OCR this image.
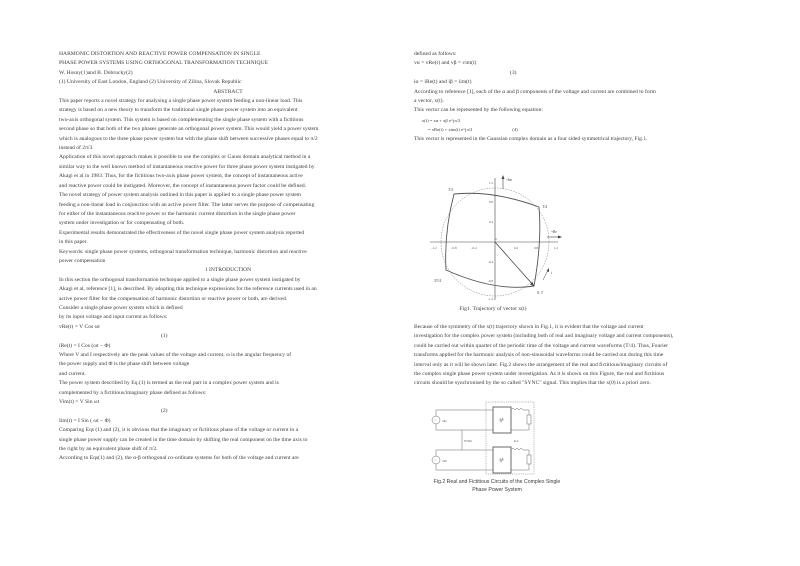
HARMONIC DISTORTION AND REACTIVE POWER COMPENSATION IN SINGLE
PHASE POWER SYSTEMS USING ORTHOGONAL TRANSFORMATION TECHNIQUE
W. Hosny(1)and B. Dobrucky(2)
(1) University of East London, England (2) University of Zilina, Slovak Republic
ABSTRACT
This paper reports a novel strategy for analysing a single phase power system feeding a non-linear load. This
strategy is based on a new theory to transform the traditional single phase power system into an equivalent
two-axis orthogonal system. This system is based on complementing the single phase system with a fictitious
second phase so that both of the two phases generate an orthogonal power system. This would yield a power system
which is analogous to the three phase power system but with the phase shift between successive phases equal to π/2
instead of 2π/3.
Application of this novel approach makes it possible to use the complex or Gauss domain analytical method in a
similar way to the well known method of instantaneous reactive power for three phase power system instigated by
Akagi et al in 1983. Thus, for the fictitious two-axis phase power system, the concept of instantaneous active
and reactive power could be instigated. Moreover, the concept of instantaneous power factor could be defined.
The novel strategy of power system analysis outlined in this paper is applied to a single phase power system
feeding a non-linear load in conjunction with an active power filter. The latter serves the purpose of compensating
for either of the instantaneous reactive power or the harmonic current distortion in the single phase power
system under investigation or for compensating of both.
Experimental results demonstrated the effectiveness of the novel single phase power system analysis reported
in this paper.
Keywords: single phase power systems, orthogonal transformation technique, harmonic distortion and reactive
power compensation
1 INTRODUCTION
In this section the orthogonal transformation technique applied to a single phase power system instigated by
Akagi et al, reference [1], is described. By adopting this technique expressions for the reference currents used in an
active power filter for the compensation of harmonic distortion or reactive power or both, are derived.
Consider a single phase power system which is defined
by its input voltage and input current as follows:
vRe(t) = V Cos ωt
(1)
iRe(t) = I Cos (ωt − Φ)
Where V and I respectively are the peak values of the voltage and current, ω is the angular frequency of
the power supply and Φ is the phase shift between voltage
and current.
The power system described by Eq.(1) is termed as the real part in a complex power system and is
complemented by a fictitious/imaginary phase defined as follows:
Vim(t) = V Sin ωt
(2)
Iim(t) = I Sin ( ωt − Φ)
Comparing Eqs (1) and (2), it is obvious that the imaginary or fictitious phase of the voltage or current in a
single phase power supply can be created in the time domain by shifting the real component on the time axis to
the right by an equivalent phase shift of π/2.
According to Eqs(1) and (2), the α-β orthogonal co-ordinate systems for both of the voltage and current are
defined as follows:
vα = vRe(t) and vβ = vim(t)
(3)
iα = iRe(t) and iβ = iim(t)
According to reference [1], each of the α and β components of the voltage and current are combined to form
a vector, x(t).
This vector can be represented by the following equation:
x(t) = xα + xβ e^jπ/2
= xRe(t) + xim(t) e^jπ/2	(4)
This vector is represented in the Gaussian complex domain as a four sided symmetrical trajectory, Fig.1.
+Im
+Re
t
T/2
T/4
3T/4
0; T
-1.2	-0.8	-0.4
0
0.4	0.8	1.2
1.2
0.8
0.4
-0.4
-0.8
-1.2
Fig1. Trajectory of vector x(t)
Because of the symmetry of the x(t) trajectory shown in Fig.1, it is evident that the voltage and current
investigation for the complex power system (including both of real and imaginary voltage and current components),
could be carried out within quarter of the periodic time of the voltage and current waveforms (T/4). Thus, Fourier
transforms applied for the harmonic analysis of non-sinusoidal waveforms could be carried out during this time
interval only as it will be shown later. Fig.2 shows the arrangement of the real and fictitious/imaginary circuits of
the complex single phase power system under investigation. As it is shown on this Figure, the real and fictitious
circuits should be synchronised by the so called "SYNC" signal. This implies that the x(0) is a priori zero.
~ vRe	⊬
SYNC	R-L
~ vIm	⊬
Fig.2 Real and Fictitious Circuits of the Complex Single
Phase Power System
